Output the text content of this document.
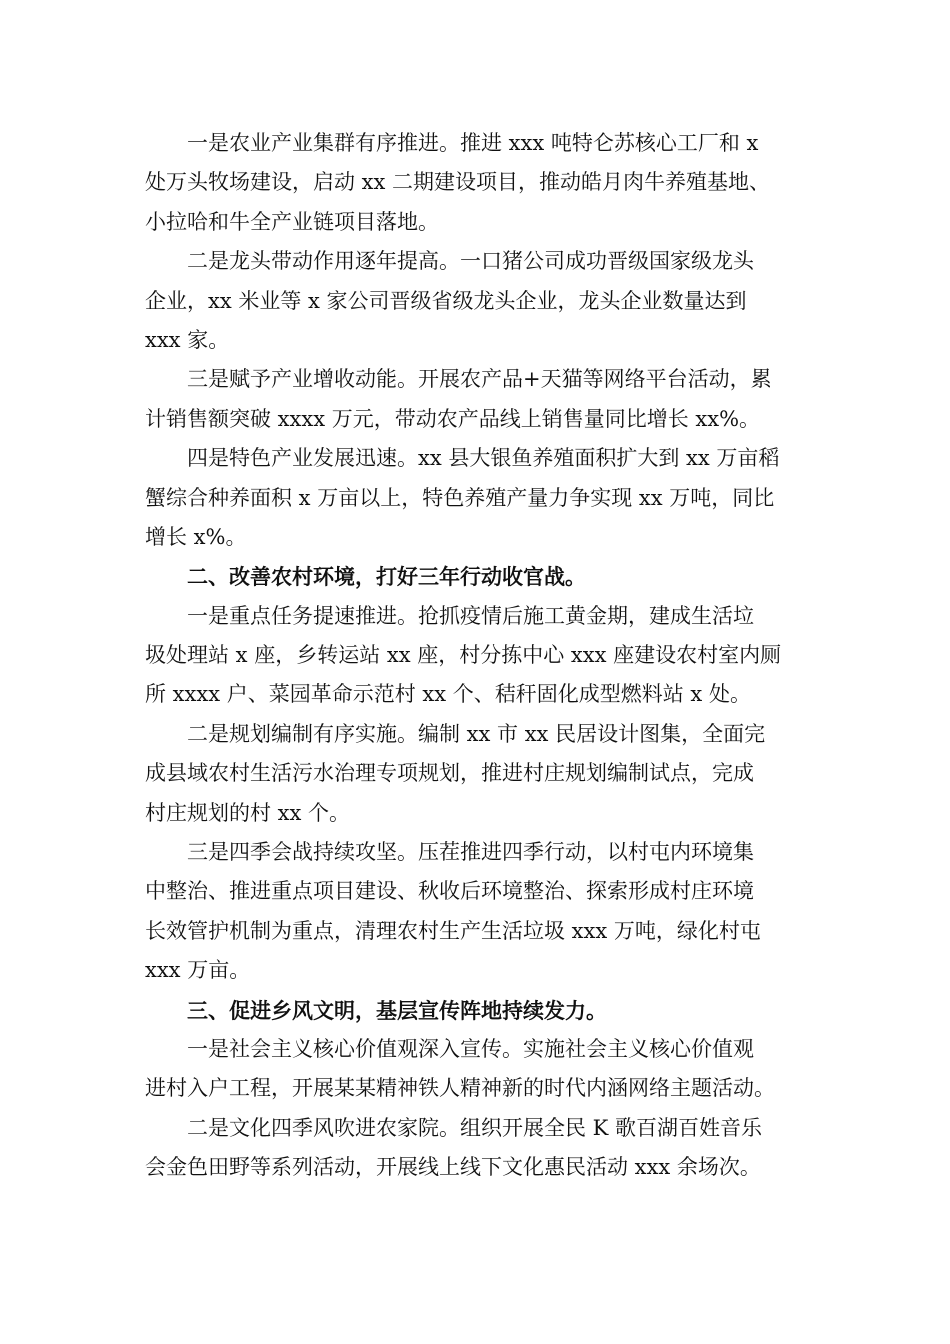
一是农业产业集群有序推进。推进 xxx 吨特仑苏核心工厂和 x
处万头牧场建设，启动 xx 二期建设项目，推动皓月肉牛养殖基地、
小拉哈和牛全产业链项目落地。
二是龙头带动作用逐年提高。一口猪公司成功晋级国家级龙头
企业，xx 米业等 x 家公司晋级省级龙头企业，龙头企业数量达到
xxx 家。
三是赋予产业增收动能。开展农产品+天猫等网络平台活动，累
计销售额突破 xxxx 万元，带动农产品线上销售量同比增长 xx%。
四是特色产业发展迅速。xx 县大银鱼养殖面积扩大到 xx 万亩稻
蟹综合种养面积 x 万亩以上，特色养殖产量力争实现 xx 万吨，同比
增长 x%。
二、改善农村环境，打好三年行动收官战。
一是重点任务提速推进。抢抓疫情后施工黄金期，建成生活垃
圾处理站 x 座，乡转运站 xx 座，村分拣中心 xxx 座建设农村室内厕
所 xxxx 户、菜园革命示范村 xx 个、秸秆固化成型燃料站 x 处。
二是规划编制有序实施。编制 xx 市 xx 民居设计图集，全面完
成县域农村生活污水治理专项规划，推进村庄规划编制试点，完成
村庄规划的村 xx 个。
三是四季会战持续攻坚。压茬推进四季行动，以村屯内环境集
中整治、推进重点项目建设、秋收后环境整治、探索形成村庄环境
长效管护机制为重点，清理农村生产生活垃圾 xxx 万吨，绿化村屯
xxx 万亩。
三、促进乡风文明，基层宣传阵地持续发力。
一是社会主义核心价值观深入宣传。实施社会主义核心价值观
进村入户工程，开展某某精神铁人精神新的时代内涵网络主题活动。
二是文化四季风吹进农家院。组织开展全民 K 歌百湖百姓音乐
会金色田野等系列活动，开展线上线下文化惠民活动 xxx 余场次。
